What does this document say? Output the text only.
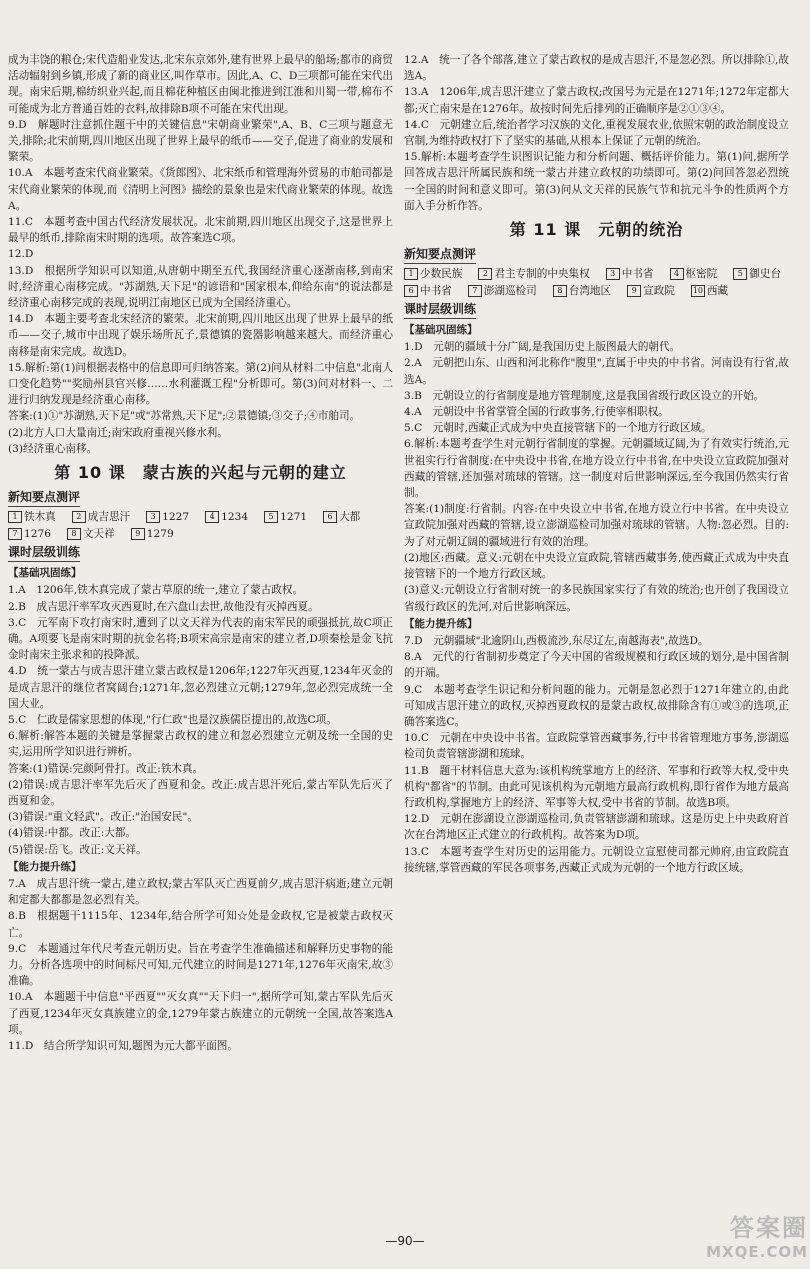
成为丰饶的粮仓;宋代造船业发达,北宋东京郊外,建有世界上最早的船场;都市的商贸活动辐射到乡镇,形成了新的商业区,叫作草市。因此,A、C、D三项都可能在宋代出现。南宋后期,棉纺织业兴起,而且棉花种植区由闽北推进到江淮和川蜀一带,棉布不可能成为北方普通百姓的衣料,故排除B项不可能在宋代出现。

9.D　解题时注意抓住题干中的关键信息"宋朝商业繁荣",A、B、C三项与题意无关,排除;北宋前期,四川地区出现了世界上最早的纸币——交子,促进了商业的发展和繁荣。

10.A　本题考查宋代商业繁荣。《货郎图》、北宋纸币和管理海外贸易的市舶司都是宋代商业繁荣的体现,而《清明上河图》描绘的景象也是宋代商业繁荣的体现。故选A。

11.C　本题考查中国古代经济发展状况。北宋前期,四川地区出现交子,这是世界上最早的纸币,排除南宋时期的选项。故答案选C项。

12.D

13.D　根据所学知识可以知道,从唐朝中期至五代,我国经济重心逐渐南移,到南宋时,经济重心南移完成。"苏湖熟,天下足"的谚语和"国家根本,仰给东南"的说法都是经济重心南移完成的表现,说明江南地区已成为全国经济重心。

14.D　本题主要考查北宋经济的繁荣。北宋前期,四川地区出现了世界上最早的纸币——交子,城市中出现了娱乐场所瓦子,景德镇的瓷器影响越来越大。而经济重心南移是南宋完成。故选D。

15.解析:第(1)问根据表格中的信息即可归纳答案。第(2)问从材料二中信息"北南人口变化趋势""奖励州县官兴修……水利灌溉工程"分析即可。第(3)问对材料一、二进行归纳发现是经济重心南移。

答案:(1)①"苏湖熟,天下足"或"苏常熟,天下足";②景德镇;③交子;④市舶司。

(2)北方人口大量南迁;南宋政府重视兴修水利。

(3)经济重心南移。

第 10 课　蒙古族的兴起与元朝的建立
新知要点测评
1 铁木真	2 成吉思汗	3 1227	4 1234	5 1271	6 大都
7 1276	8 文天祥	9 1279
课时层级训练
【基础巩固练】

1.A　1206年,铁木真完成了蒙古草原的统一,建立了蒙古政权。

2.B　成吉思汗率军攻灭西夏时,在六盘山去世,故他没有灭掉西夏。

3.C　元军南下攻打南宋时,遭到了以文天祥为代表的南宋军民的顽强抵抗,故C项正确。A项要飞是南宋时期的抗金名将;B项宋高宗是南宋的建立者,D项秦桧是金飞抗金时南宋主张求和的投降派。

4.D　统一蒙古与成吉思汗建立蒙古政权是1206年;1227年灭西夏,1234年灭金的是成吉思汗的继位者窝阔台;1271年,忽必烈建立元朝;1279年,忽必烈完成统一全国大业。

5.C　仁政是儒家思想的体现,"行仁政"也是汉族儒臣提出的,故选C项。

6.解析:解答本题的关键是掌握蒙古政权的建立和忽必烈建立元朝及统一全国的史实,运用所学知识进行辨析。

答案:(1)错误:完颜阿骨打。改正:铁木真。

(2)错误:成吉思汗率军先后灭了西夏和金。改正:成吉思汗死后,蒙古军队先后灭了西夏和金。

(3)错误:"重文轻武"。改正:"治国安民"。

(4)错误:中都。改正:大都。

(5)错误:岳飞。改正:文天祥。

【能力提升练】

7.A　成吉思汗统一蒙古,建立政权;蒙古军队灭亡西夏前夕,成吉思汗病逝;建立元朝和定都大都都是忽必烈有关。

8.B　根据题干1115年、1234年,结合所学可知☆处是金政权,它是被蒙古政权灭亡。

9.C　本题通过年代尺考查元朝历史。旨在考查学生准确描述和解释历史事物的能力。分析各选项中的时间标尺可知,元代建立的时间是1271年,1276年灭南宋,故③准确。

10.A　本题题干中信息"平西夏""灭女真""天下归一",据所学可知,蒙古军队先后灭了西夏,1234年灭女真族建立的金,1279年蒙古族建立的元朝统一全国,故答案选A项。

11.D　结合所学知识可知,题图为元大都平面图。

12.A　统一了各个部落,建立了蒙古政权的是成吉思汗,不是忽必烈。所以排除①,故选A。

13.A　1206年,成吉思汗建立了蒙古政权;改国号为元是在1271年;1272年定都大都;灭亡南宋是在1276年。故按时间先后排列的正确顺序是②①③④。

14.C　元朝建立后,统治者学习汉族的文化,重视发展农业,依照宋朝的政治制度设立官制,为维持政权打下了坚实的基础,从根本上保证了元朝的统治。

15.解析:本题考查学生识图识记能力和分析问题、概括评价能力。第(1)问,据所学回答成吉思汗所属民族和统一蒙古并建立政权的功绩即可。第(2)问回答忽必烈统一全国的时间和意义即可。第(3)问从文天祥的民族气节和抗元斗争的性质两个方面入手分析作答。

第 11 课　元朝的统治
新知要点测评
1 少数民族	2 君主专制的中央集权	3 中书省	4 枢密院	5 御史台
6 中书省	7 澎湖巡检司	8 台湾地区	9 宣政院 10 西藏
课时层级训练
【基础巩固练】

1.D　元朝的疆域十分广阔,是我国历史上版图最大的朝代。

2.A　元朝把山东、山西和河北称作"腹里",直属于中央的中书省。河南设有行省,故选A。

3.B　元朝设立的行省制度是地方管理制度,这是我国省级行政区设立的开始。

4.A　元朝设中书省掌管全国的行政事务,行使宰相职权。

5.C　元朝时,西藏正式成为中央直接管辖下的一个地方行政区域。

6.解析:本题考查学生对元朝行省制度的掌握。元朝疆域辽阔,为了有效实行统治,元世祖实行行省制度:在中央设中书省,在地方设立行中书省,在中央设立宣政院加强对西藏的管辖,还加强对琉球的管辖。这一制度对后世影响深远,至今我国仍然实行省制。

答案:(1)制度:行省制。内容:在中央设立中书省,在地方设立行中书省。在中央设立宣政院加强对西藏的管辖,设立澎湖巡检司加强对琉球的管辖。人物:忽必烈。目的:为了对元朝辽阔的疆域进行有效的治理。

(2)地区:西藏。意义:元朝在中央设立宣政院,管辖西藏事务,使西藏正式成为中央直接管辖下的一个地方行政区域。

(3)意义:元朝设立行省制对统一的多民族国家实行了有效的统治;也开创了我国设立省级行政区的先河,对后世影响深远。

【能力提升练】

7.D　元朝疆域"北逾阴山,西极流沙,东尽辽左,南越海表",故选D。

8.A　元代的行省制初步奠定了今天中国的省级规模和行政区域的划分,是中国省制的开端。

9.C　本题考查学生识记和分析问题的能力。元朝是忽必烈于1271年建立的,由此可知成吉思汗建立的政权,灭掉西夏政权的是蒙古政权,故排除含有①或③的选项,正确答案选C。

10.C　元朝在中央设中书省。宣政院掌管西藏事务,行中书省管理地方事务,澎湖巡检司负责管辖澎湖和琉球。

11.B　题干材料信息大意为:该机构统掌地方上的经济、军事和行政等大权,受中央机构"都省"的节制。由此可见该机构为元朝地方最高行政机构,即行省作为地方最高行政机构,掌握地方上的经济、军事等大权,受中书省的节制。故选B项。

12.D　元朝在澎湖设立澎湖巡检司,负责管辖澎湖和琉球。这是历史上中央政府首次在台湾地区正式建立的行政机构。故答案为D项。

13.C　本题考查学生对历史的运用能力。元朝设立宣慰使司都元帅府,由宣政院直接统辖,掌管西藏的军民各项事务,西藏正式成为元朝的一个地方行政区域。

—90—	答案圈
MXQE.COM
